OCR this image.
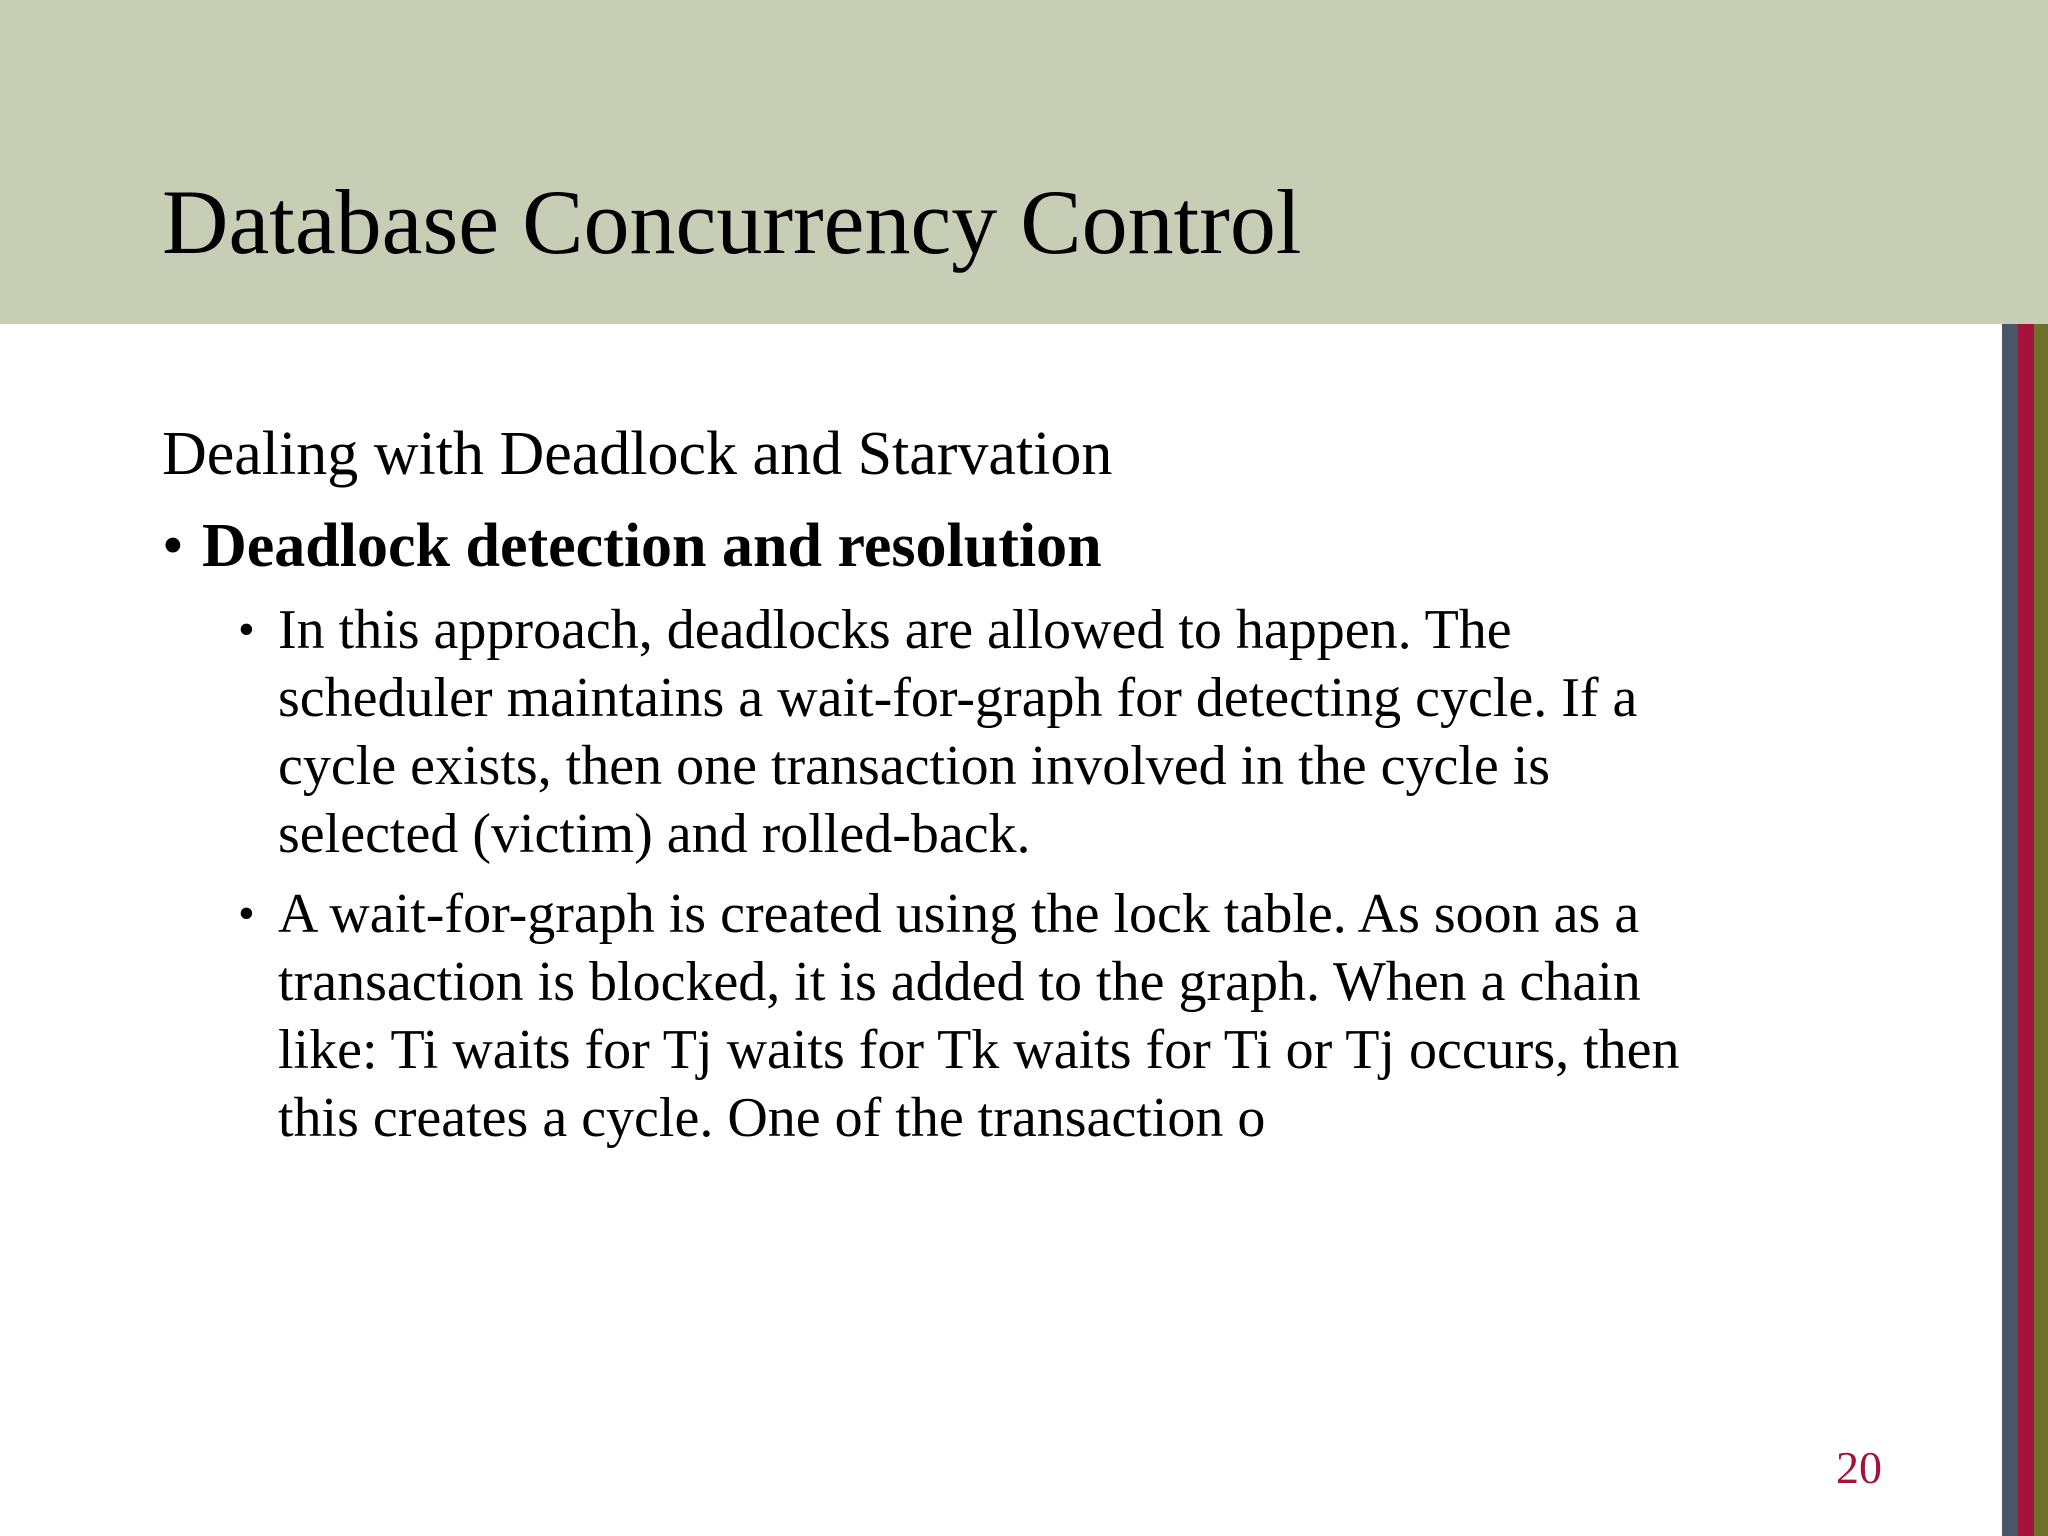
Database Concurrency Control
Dealing with Deadlock and Starvation
• Deadlock detection and resolution
• In this approach, deadlocks are allowed to happen. The
scheduler maintains a wait-for-graph for detecting cycle. If a
cycle exists, then one transaction involved in the cycle is
selected (victim) and rolled-back.
• A wait-for-graph is created using the lock table. As soon as a
transaction is blocked, it is added to the graph. When a chain
like: Ti waits for Tj waits for Tk waits for Ti or Tj occurs, then
this creates a cycle. One of the transaction o
20
